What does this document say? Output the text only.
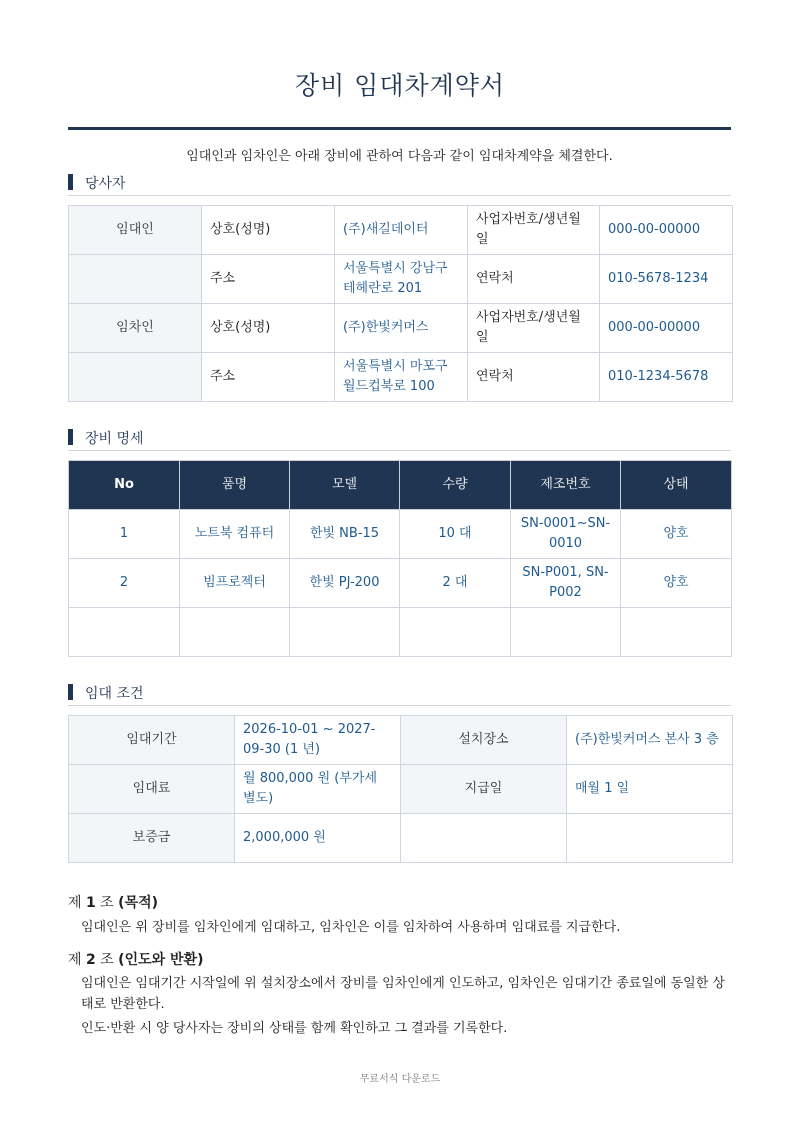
장비 임대차계약서
임대인과 임차인은 아래 장비에 관하여 다음과 같이 임대차계약을 체결한다.
당사자
임대인	상호(성명)	(주)새길데이터	사업자번호/생년월일	000-00-00000
	주소	서울특별시 강남구 테헤란로 201	연락처	010-5678-1234
임차인	상호(성명)	(주)한빛커머스	사업자번호/생년월일	000-00-00000
	주소	서울특별시 마포구 월드컵북로 100	연락처	010-1234-5678
장비 명세
No	품명	모델	수량	제조번호	상태
1	노트북 컴퓨터	한빛 NB-15	10 대	SN-0001~SN-0010	양호
2	빔프로젝터	한빛 PJ-200	2 대	SN-P001, SN-P002	양호

임대 조건
임대기간	2026-10-01 ~ 2027-09-30 (1 년)	설치장소	(주)한빛커머스 본사 3 층
임대료	월 800,000 원 (부가세 별도)	지급일	매월 1 일
보증금	2,000,000 원		
제 1 조 (목적)
임대인은 위 장비를 임차인에게 임대하고, 임차인은 이를 임차하여 사용하며 임대료를 지급한다.
제 2 조 (인도와 반환)
임대인은 임대기간 시작일에 위 설치장소에서 장비를 임차인에게 인도하고, 임차인은 임대기간 종료일에 동일한 상태로 반환한다.
인도·반환 시 양 당사자는 장비의 상태를 함께 확인하고 그 결과를 기록한다.
무료서식 다운로드
